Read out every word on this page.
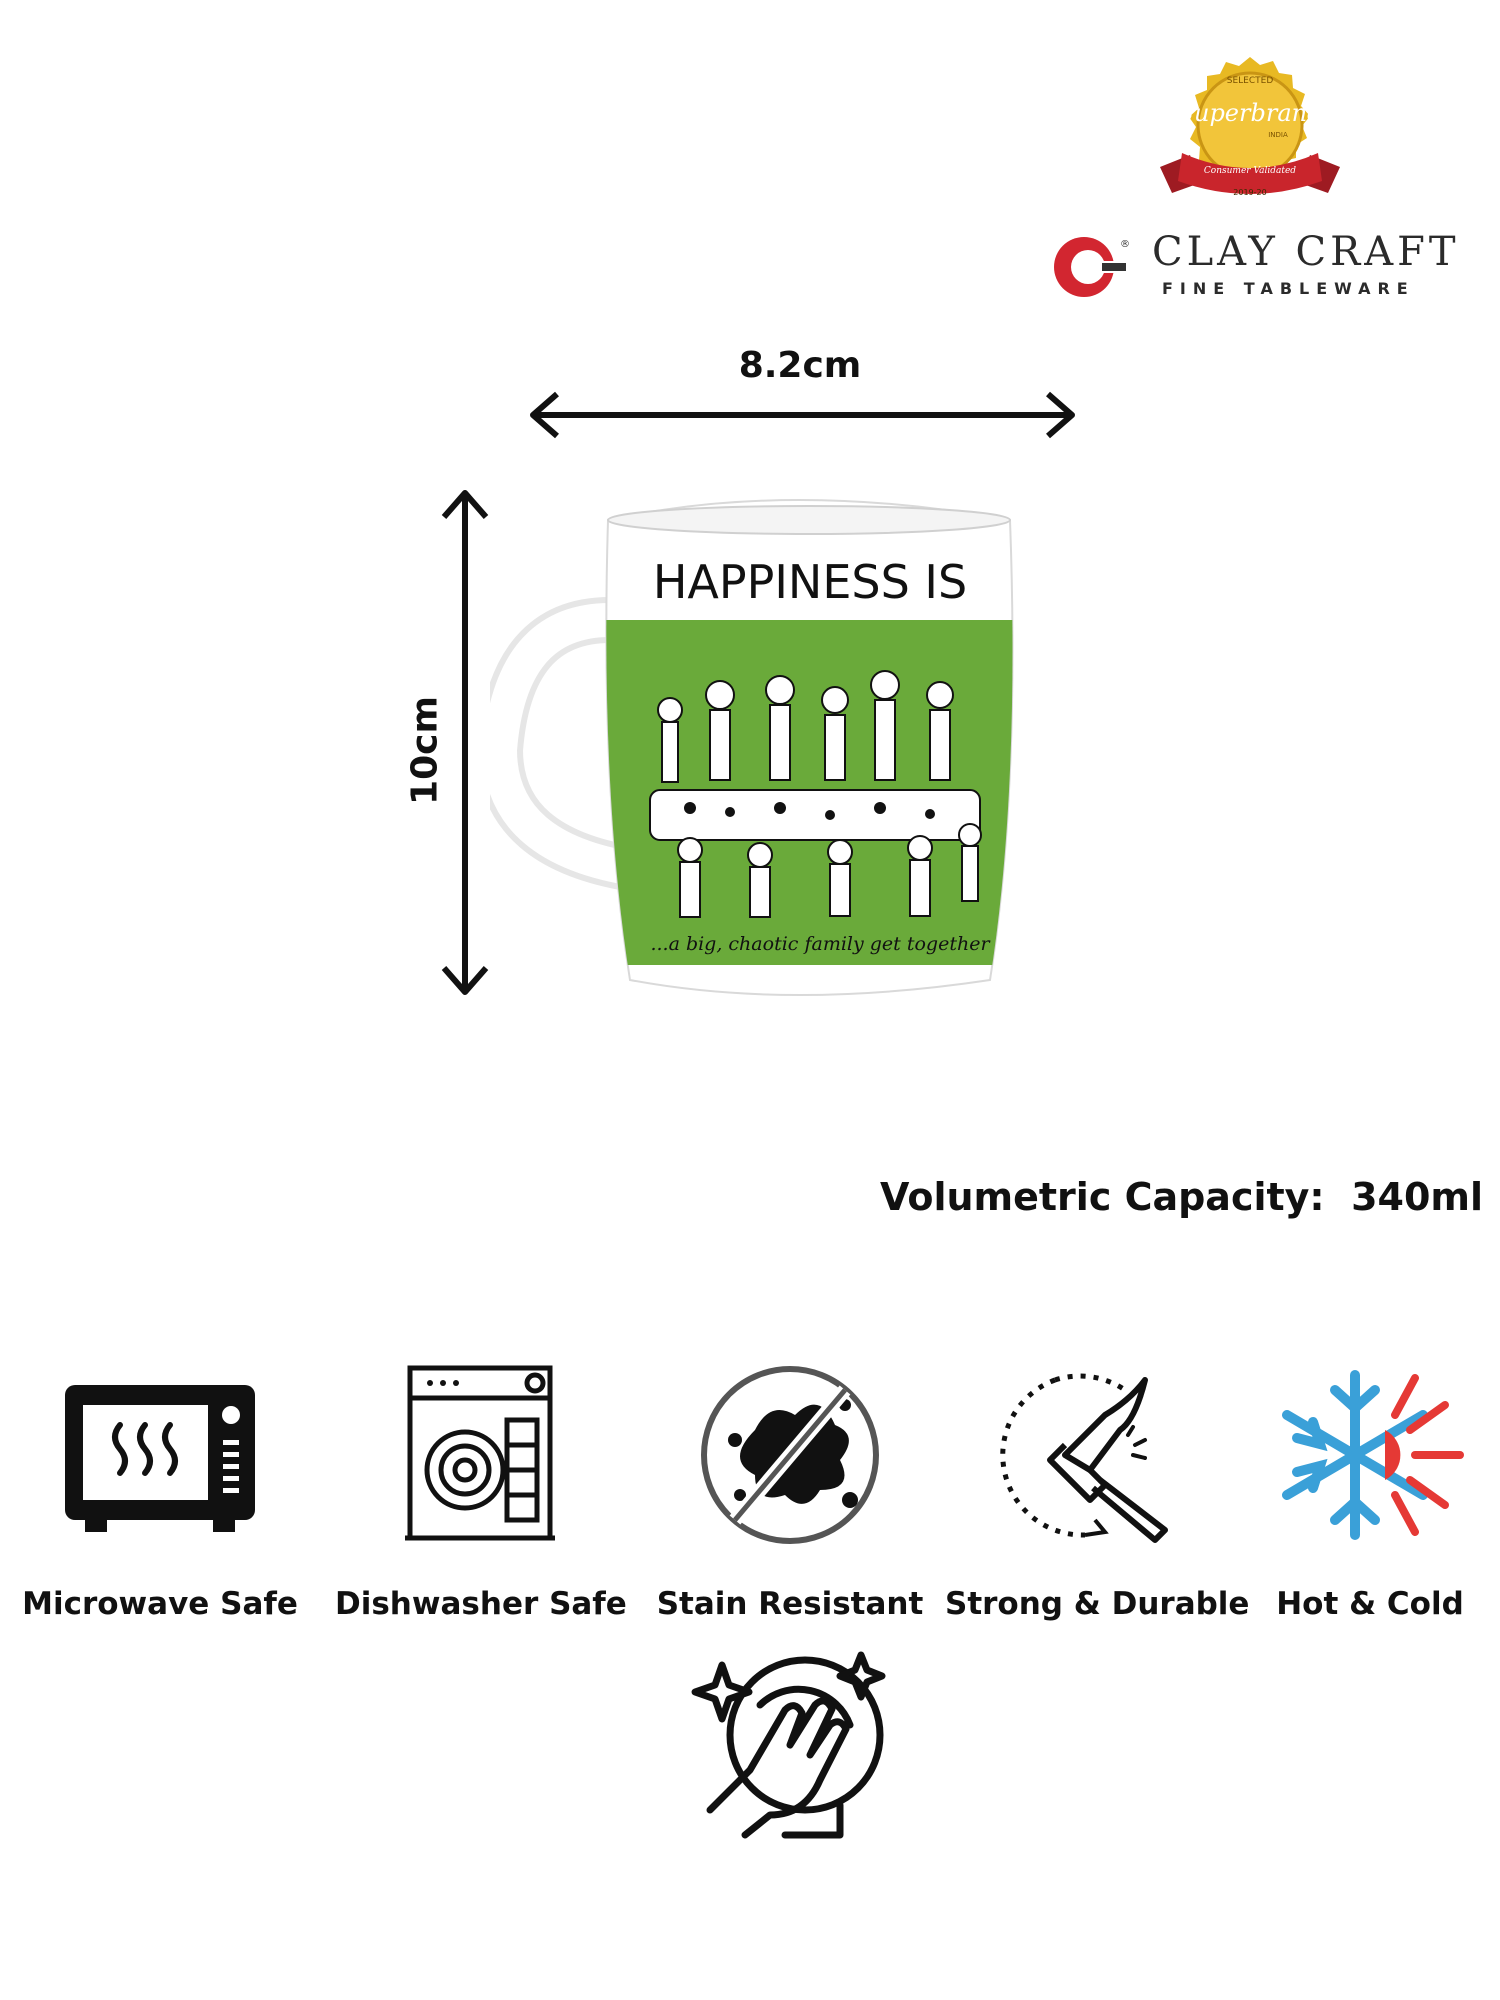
SELECTED
Superbrand
INDIA
Consumer Validated
2019-20
® CLAY CRAFT
FINE TABLEWARE
8.2cm
10cm
HAPPINESS IS
...a big, chaotic family get together
Volumetric Capacity:  340ml
Microwave Safe Dishwasher Safe Stain Resistant Strong & Durable Hot & Cold
